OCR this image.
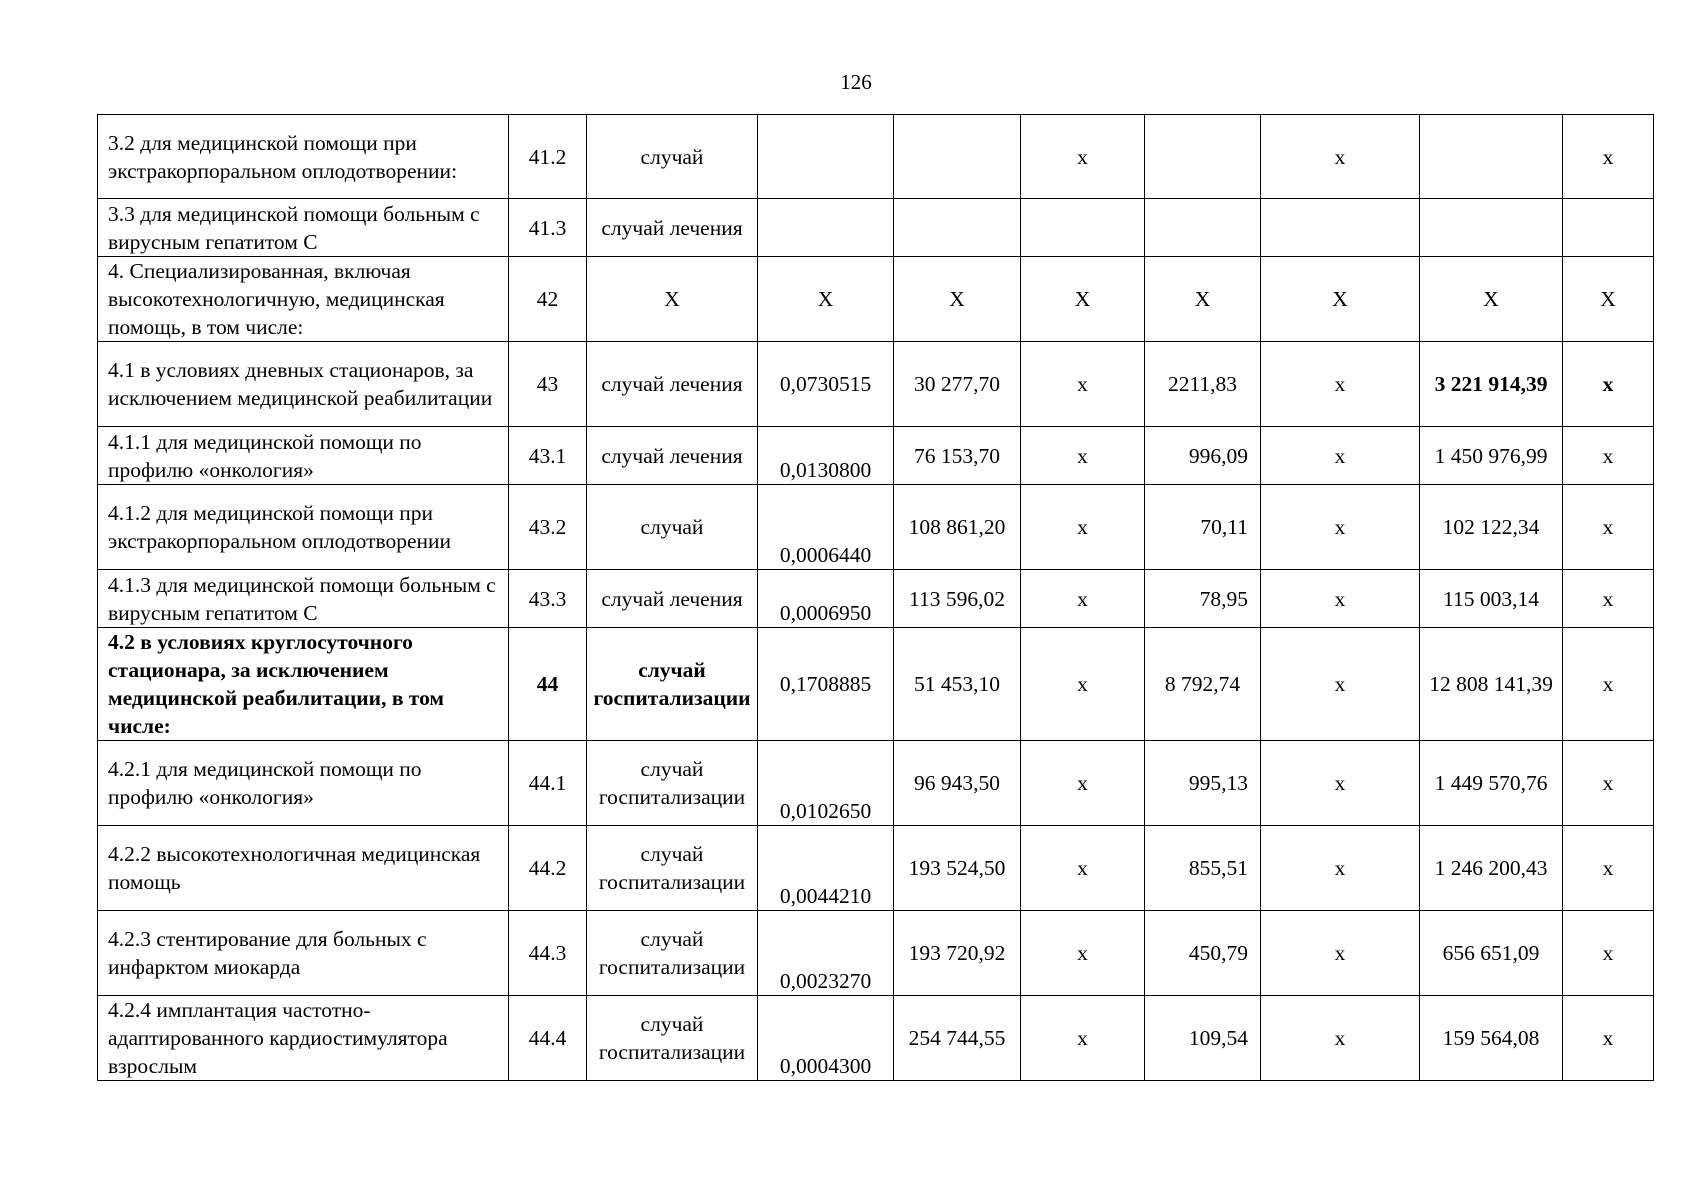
126
3.2 для медицинской помощи при экстракорпоральном оплодотворении:	41.2	случай			х		х		х
3.3 для медицинской помощи больным с вирусным гепатитом С	41.3	случай лечения							
4. Специализированная, включая высокотехнологичную, медицинская помощь, в том числе:	42	Х	Х	Х	Х	Х	Х	Х	Х
4.1 в условиях дневных стационаров, за исключением медицинской реабилитации	43	случай лечения	0,0730515	30 277,70	х	2211,83	х	3 221 914,39	х
4.1.1 для медицинской помощи по профилю «онкология»	43.1	случай лечения	0,0130800	76 153,70	х	996,09	х	1 450 976,99	х
4.1.2 для медицинской помощи при экстракорпоральном оплодотворении	43.2	случай	0,0006440	108 861,20	х	70,11	х	102 122,34	х
4.1.3 для медицинской помощи больным с вирусным гепатитом С	43.3	случай лечения	0,0006950	113 596,02	х	78,95	х	115 003,14	х
4.2 в условиях круглосуточного стационара, за исключением медицинской реабилитации, в том числе:	44	случай госпитализации	0,1708885	51 453,10	х	8 792,74	х	12 808 141,39	х
4.2.1 для медицинской помощи по профилю «онкология»	44.1	случай госпитализации	0,0102650	96 943,50	х	995,13	х	1 449 570,76	х
4.2.2 высокотехнологичная медицинская помощь	44.2	случай госпитализации	0,0044210	193 524,50	х	855,51	х	1 246 200,43	х
4.2.3 стентирование для больных с инфарктом миокарда	44.3	случай госпитализации	0,0023270	193 720,92	х	450,79	х	656 651,09	х
4.2.4 имплантация частотно-адаптированного кардиостимулятора взрослым	44.4	случай госпитализации	0,0004300	254 744,55	х	109,54	х	159 564,08	х
